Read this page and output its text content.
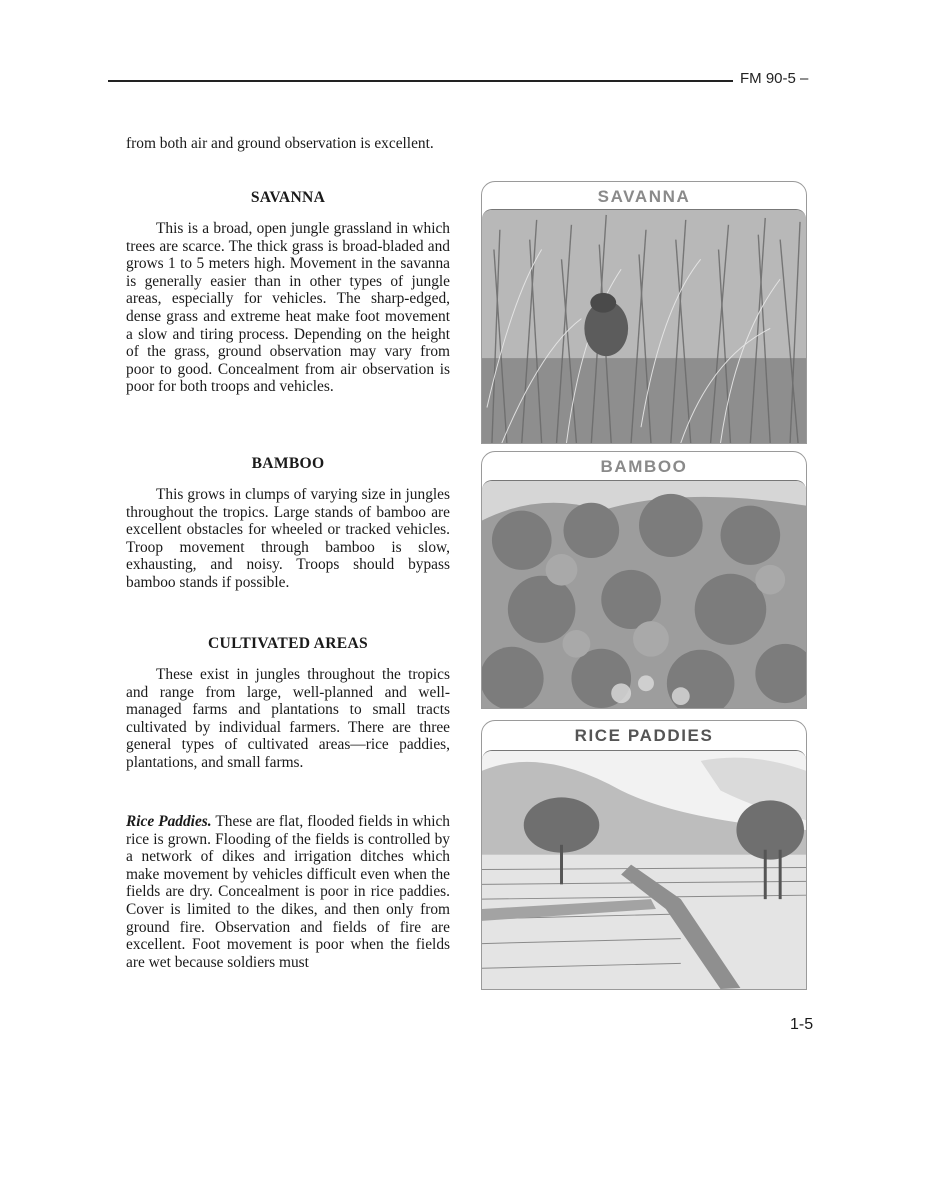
FM 90-5 –

from both air and ground observation is excellent.

SAVANNA

This is a broad, open jungle grassland in which trees are scarce. The thick grass is broad-bladed and grows 1 to 5 meters high. Movement in the savanna is generally easier than in other types of jungle areas, especially for vehicles. The sharp-edged, dense grass and extreme heat make foot movement a slow and tiring process. Depending on the height of the grass, ground observation may vary from poor to good. Concealment from air observation is poor for both troops and vehicles.

BAMBOO

This grows in clumps of varying size in jungles throughout the tropics. Large stands of bamboo are excellent obstacles for wheeled or tracked vehicles. Troop movement through bamboo is slow, exhausting, and noisy. Troops should bypass bamboo stands if possible.

CULTIVATED AREAS

These exist in jungles throughout the tropics and range from large, well-planned and well-managed farms and plantations to small tracts cultivated by individual farmers. There are three general types of cultivated areas—rice paddies, plantations, and small farms.

Rice Paddies. These are flat, flooded fields in which rice is grown. Flooding of the fields is controlled by a network of dikes and irrigation ditches which make movement by vehicles difficult even when the fields are dry. Concealment is poor in rice paddies. Cover is limited to the dikes, and then only from ground fire. Observation and fields of fire are excellent. Foot movement is poor when the fields are wet because soldiers must

SAVANNA
BAMBOO
RICE PADDIES
1-5
